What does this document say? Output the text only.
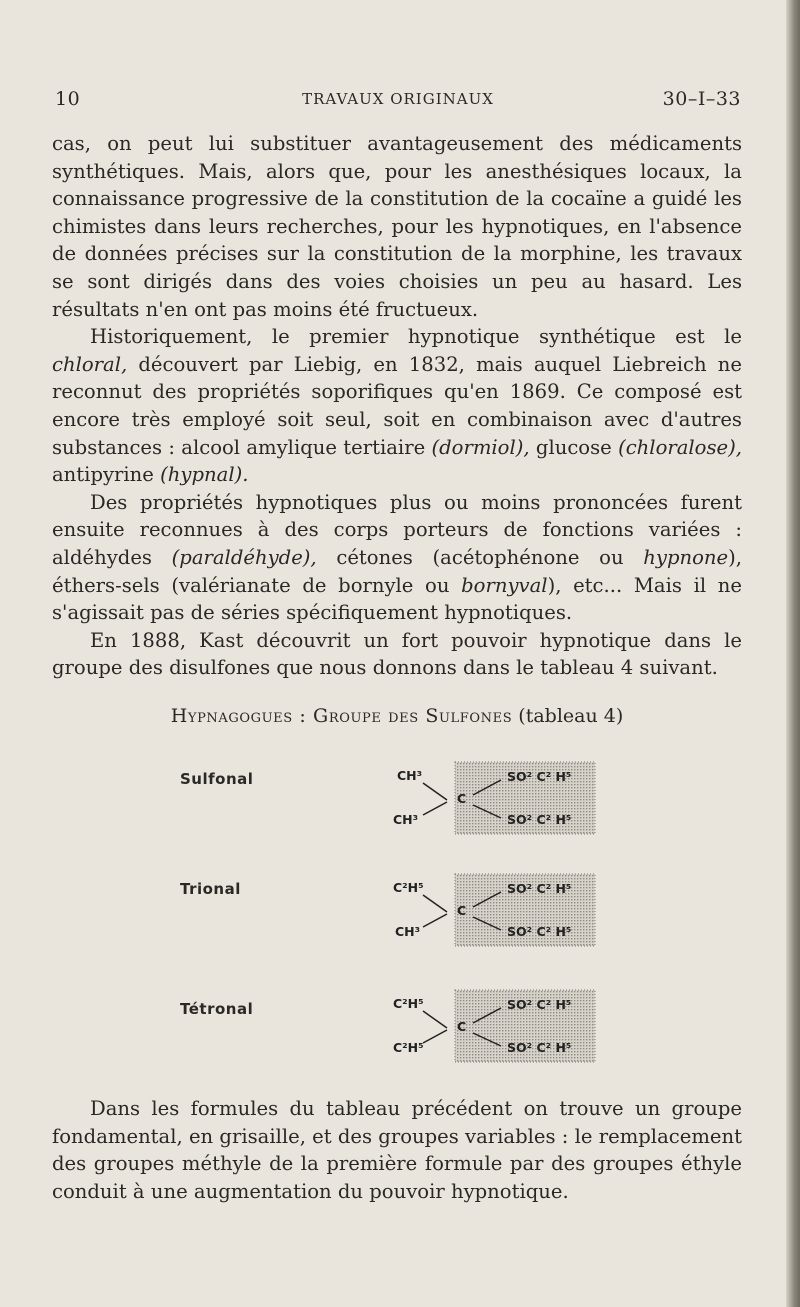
10	TRAVAUX ORIGINAUX	30–I–33

cas, on peut lui substituer avantageusement des médicaments synthétiques. Mais, alors que, pour les anesthésiques locaux, la connaissance progressive de la constitution de la cocaïne a guidé les chimistes dans leurs recherches, pour les hypnotiques, en l'absence de données précises sur la constitution de la morphine, les travaux se sont dirigés dans des voies choisies un peu au hasard. Les résultats n'en ont pas moins été fructueux.

Historiquement, le premier hypnotique synthétique est le chloral, découvert par Liebig, en 1832, mais auquel Liebreich ne reconnut des propriétés soporifiques qu'en 1869. Ce composé est encore très employé soit seul, soit en combinaison avec d'autres substances : alcool amylique tertiaire (dormiol), glucose (chloralose), antipyrine (hypnal).

Des propriétés hypnotiques plus ou moins prononcées furent ensuite reconnues à des corps porteurs de fonctions variées : aldéhydes (paraldéhyde), cétones (acétophénone ou hypnone), éthers-sels (valérianate de bornyle ou bornyval), etc... Mais il ne s'agissait pas de séries spécifiquement hypnotiques.

En 1888, Kast découvrit un fort pouvoir hypnotique dans le groupe des disulfones que nous donnons dans le tableau 4 suivant.

Hypnagogues : Groupe des Sulfones (tableau 4)
Sulfonal
Trional
Tétronal
CH³
CH³
C
SO² C² H⁵
SO² C² H⁵
C²H⁵
CH³
C
SO² C² H⁵
SO² C² H⁵
C²H⁵
C²H⁵
C
SO² C² H⁵
SO² C² H⁵

Dans les formules du tableau précédent on trouve un groupe fondamental, en grisaille, et des groupes variables : le remplacement des groupes méthyle de la première formule par des groupes éthyle conduit à une augmentation du pouvoir hypnotique.
